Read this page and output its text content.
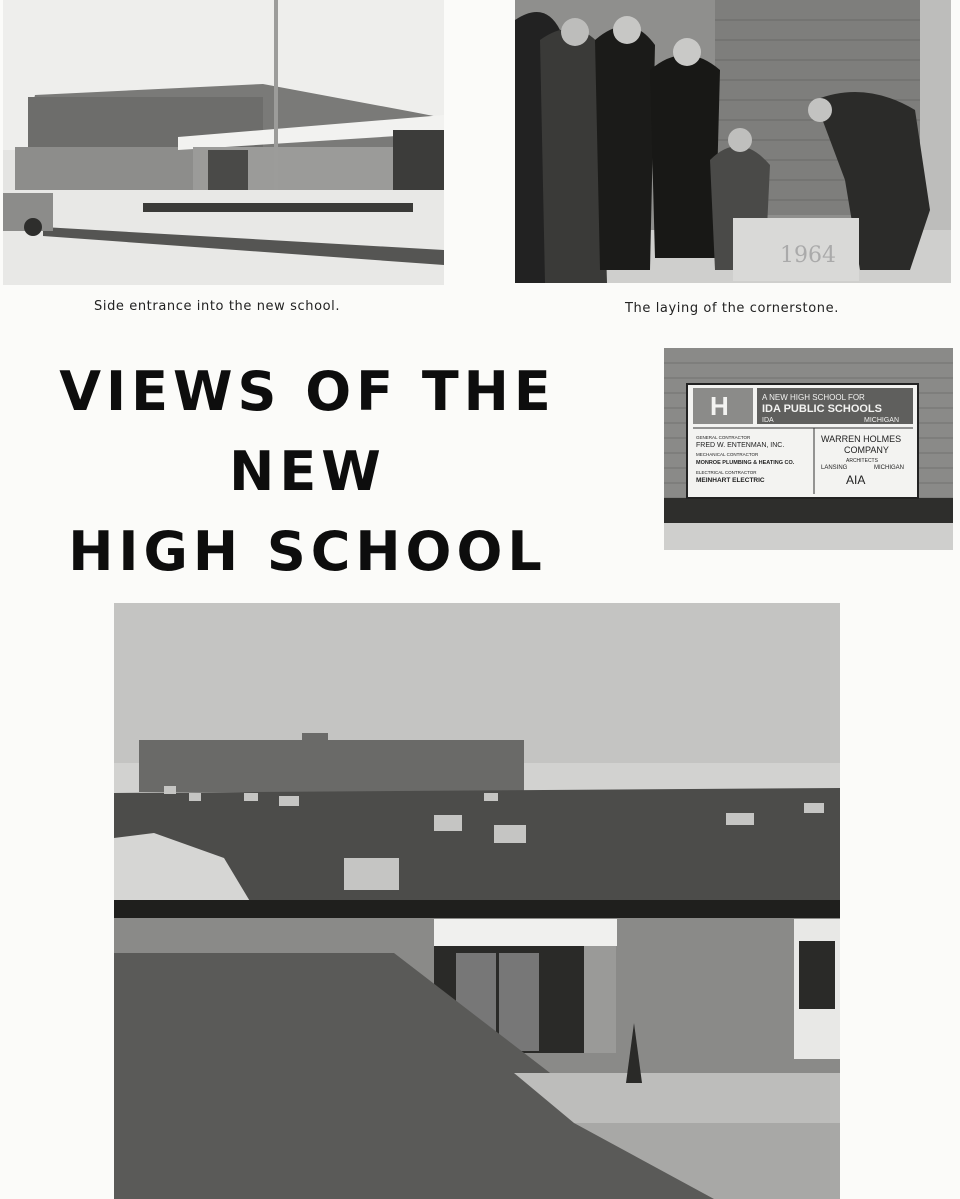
Side entrance into the new school.
1964
The laying of the cornerstone.
VIEWS OF THE
NEW
HIGH SCHOOL
H	A NEW HIGH SCHOOL FOR
IDA PUBLIC SCHOOLS
IDA	MICHIGAN
GENERAL CONTRACTOR
FRED W. ENTENMAN, INC.
MECHANICAL CONTRACTOR
MONROE PLUMBING & HEATING CO.
ELECTRICAL CONTRACTOR
MEINHART ELECTRIC
WARREN HOLMES
COMPANY
ARCHITECTS
LANSING	MICHIGAN
AIA
